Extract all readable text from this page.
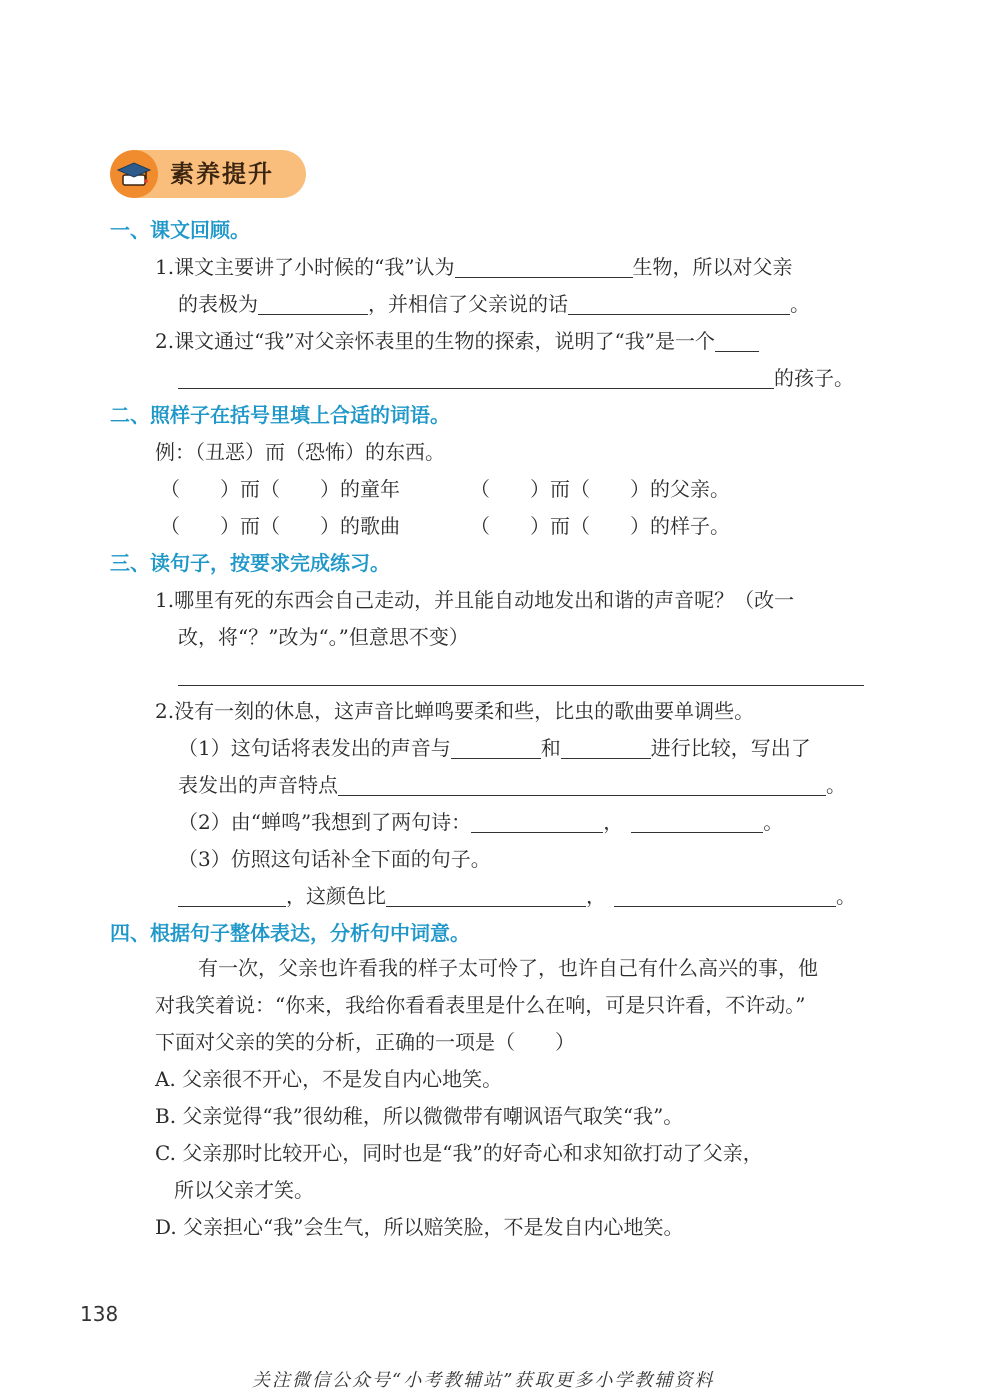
素养提升
一、课文回顾。
1.课文主要讲了小时候的“我”认为	生物，所以对父亲
的表极为	，并相信了父亲说的话	。
2.课文通过“我”对父亲怀表里的生物的探索，说明了“我”是一个
的孩子。
二、照样子在括号里填上合适的词语。
例：（丑恶）而（恐怖）的东西。
（　　）而（　　）的童年	（　　）而（　　）的父亲。
（　　）而（　　）的歌曲	（　　）而（　　）的样子。
三、读句子，按要求完成练习。
1.哪里有死的东西会自己走动，并且能自动地发出和谐的声音呢？（改一
改，将“？”改为“。”但意思不变）
2.没有一刻的休息，这声音比蝉鸣要柔和些，比虫的歌曲要单调些。
（1）这句话将表发出的声音与	和	进行比较，写出了
表发出的声音特点	。
（2）由“蝉鸣”我想到了两句诗：	，	。
（3）仿照这句话补全下面的句子。
，这颜色比	，	。
四、根据句子整体表达，分析句中词意。
有一次，父亲也许看我的样子太可怜了，也许自己有什么高兴的事，他
对我笑着说：“你来，我给你看看表里是什么在响，可是只许看，不许动。”
下面对父亲的笑的分析，正确的一项是（　　）
A. 父亲很不开心，不是发自内心地笑。
B. 父亲觉得“我”很幼稚，所以微微带有嘲讽语气取笑“我”。
C. 父亲那时比较开心，同时也是“我”的好奇心和求知欲打动了父亲，
所以父亲才笑。
D. 父亲担心“我”会生气，所以赔笑脸，不是发自内心地笑。
138
关注微信公众号“小考教辅站”获取更多小学教辅资料
